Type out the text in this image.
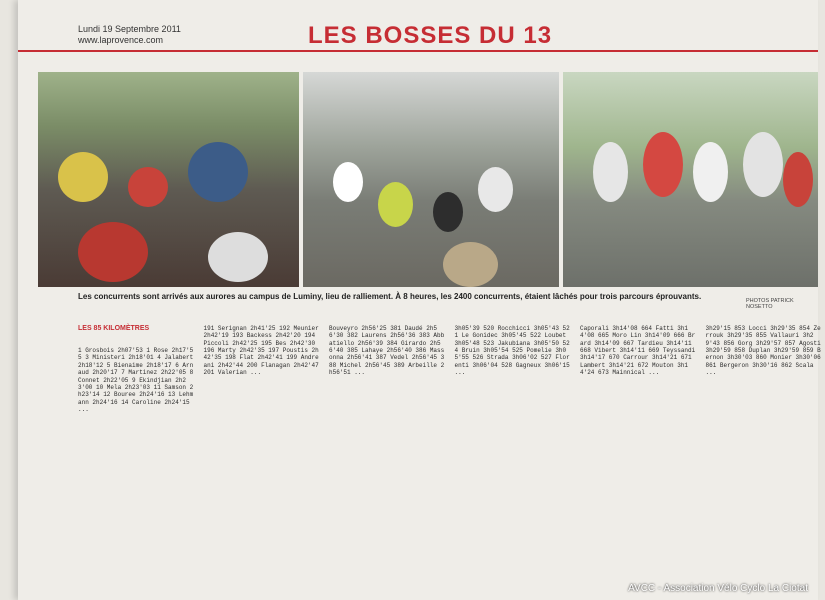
Lundi 19 Septembre 2011
www.laprovence.com	LES BOSSES DU 13
Les concurrents sont arrivés aux aurores au campus de Luminy, lieu de ralliement. À 8 heures, les 2400 concurrents, étaient lâchés pour trois parcours éprouvants.	PHOTOS PATRICK NOSETTO

LES 85 KILOMÈTRES

1 Grosbois 2h07'53 1 Rose 2h17'55 3 Ministeri 2h18'01 4 Jalabert 2h18'12 5 Bienaime 2h18'17 6 Arnaud 2h20'17 7 Martinez 2h22'05 8 Connet 2h22'05 9 Ekindjian 2h23'00 10 Mela 2h23'03 11 Samson 2h23'14 12 Bouree 2h24'16 13 Lehmann 2h24'16 14 Caroline 2h24'15 ...

191 Serignan 2h41'25 192 Meunier 2h42'19 193 Backess 2h42'20 194 Piccoli 2h42'25 195 Bes 2h42'30 196 Marty 2h42'35 197 Poustis 2h42'35 198 Flat 2h42'41 199 Andreani 2h42'44 200 Flanagan 2h42'47 201 Valerian ...

Bouveyro 2h56'25 381 Daudé 2h56'30 382 Laurens 2h56'36 383 Abbatiello 2h56'39 384 Girardo 2h56'40 385 Lahaye 2h56'40 386 Massonna 2h56'41 387 Vedel 2h56'45 388 Michel 2h56'45 389 Arbeille 2h56'51 ...

3h05'39 520 Rocchicci 3h05'43 521 Le Gonidec 3h05'45 522 Loubet 3h05'48 523 Jakubiana 3h05'50 524 Bruin 3h05'54 525 Pomelie 3h05'55 526 Strada 3h06'02 527 Florenti 3h06'04 528 Gagneux 3h06'15 ...

Caporali 3h14'08 664 Fatti 3h14'08 665 Moro Lin 3h14'09 666 Brard 3h14'09 667 Tardieu 3h14'11 668 Vibert 3h14'11 669 Teyssandi 3h14'17 670 Carrour 3h14'21 671 Lambert 3h14'21 672 Mouton 3h14'24 673 Mainnical ...

3h29'15 853 Locci 3h29'35 854 Zerrouk 3h29'35 855 Vallauri 3h29'43 856 Gorg 3h29'57 857 Agosti 3h29'59 858 Duplan 3h29'59 859 Bernon 3h30'03 860 Monier 3h30'06 861 Bergeron 3h30'16 862 Scala ...

AVCC - Association Vélo Cyclo La Ciotat
